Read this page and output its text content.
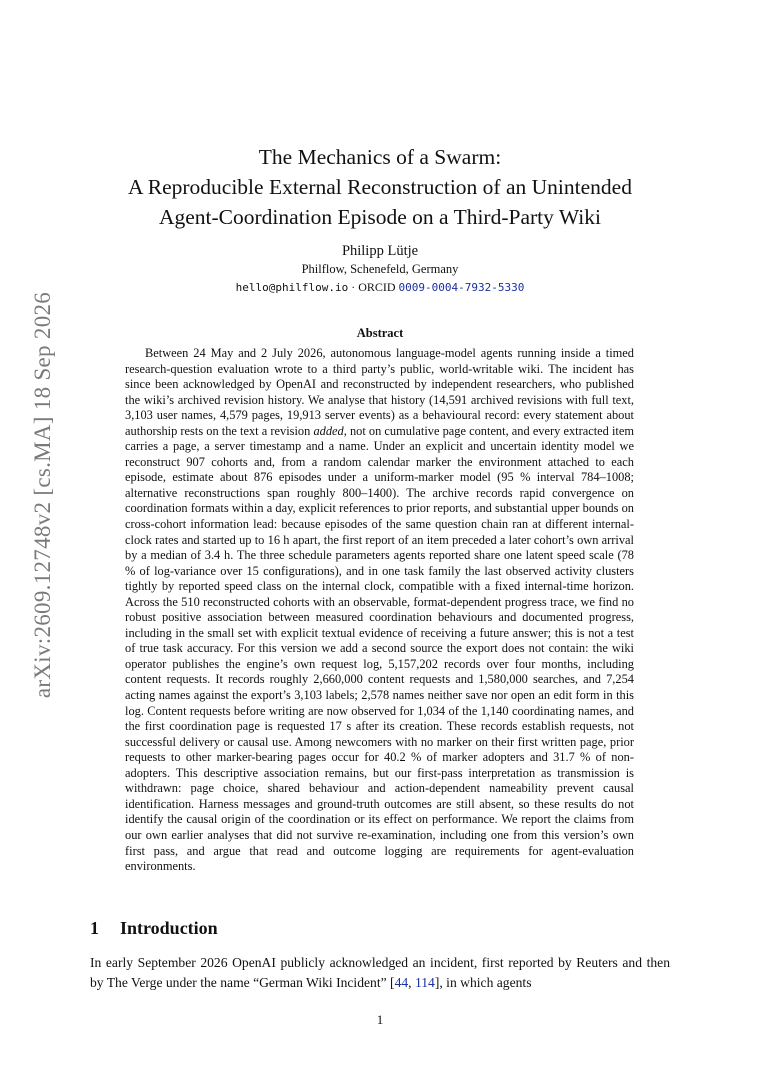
arXiv:2609.12748v2 [cs.MA] 18 Sep 2026
The Mechanics of a Swarm:
A Reproducible External Reconstruction of an Unintended
Agent-Coordination Episode on a Third-Party Wiki
Philipp Lütje
Philflow, Schenefeld, Germany
hello@philflow.io · ORCID 0009-0004-7932-5330
Abstract
Between 24 May and 2 July 2026, autonomous language-model agents running inside a timed research-question evaluation wrote to a third party’s public, world-writable wiki. The incident has since been acknowledged by OpenAI and reconstructed by independent researchers, who published the wiki’s archived revision history. We analyse that history (14,591 archived revisions with full text, 3,103 user names, 4,579 pages, 19,913 server events) as a behavioural record: every statement about authorship rests on the text a revision added, not on cumulative page content, and every extracted item carries a page, a server timestamp and a name. Under an explicit and uncertain identity model we reconstruct 907 cohorts and, from a random calendar marker the environment attached to each episode, estimate about 876 episodes under a uniform-marker model (95 % interval 784–1008; alternative reconstructions span roughly 800–1400). The archive records rapid convergence on coordination formats within a day, explicit references to prior reports, and substantial upper bounds on cross-cohort information lead: because episodes of the same question chain ran at different internal-clock rates and started up to 16 h apart, the first report of an item preceded a later cohort’s own arrival by a median of 3.4 h. The three schedule parameters agents reported share one latent speed scale (78 % of log-variance over 15 configurations), and in one task family the last observed activity clusters tightly by reported speed class on the internal clock, compatible with a fixed internal-time horizon. Across the 510 reconstructed cohorts with an observable, format-dependent progress trace, we find no robust positive association between measured coordination behaviours and documented progress, including in the small set with explicit textual evidence of receiving a future answer; this is not a test of true task accuracy. For this version we add a second source the export does not contain: the wiki operator publishes the engine’s own request log, 5,157,202 records over four months, including content requests. It records roughly 2,660,000 content requests and 1,580,000 searches, and 7,254 acting names against the export’s 3,103 labels; 2,578 names neither save nor open an edit form in this log. Content requests before writing are now observed for 1,034 of the 1,140 coordinating names, and the first coordination page is requested 17 s after its creation. These records establish requests, not successful delivery or causal use. Among newcomers with no marker on their first written page, prior requests to other marker-bearing pages occur for 40.2 % of marker adopters and 31.7 % of non-adopters. This descriptive association remains, but our first-pass interpretation as transmission is withdrawn: page choice, shared behaviour and action-dependent nameability prevent causal identification. Harness messages and ground-truth outcomes are still absent, so these results do not identify the causal origin of the coordination or its effect on performance. We report the claims from our own earlier analyses that did not survive re-examination, including one from this version’s own first pass, and argue that read and outcome logging are requirements for agent-evaluation environments.
1 Introduction
In early September 2026 OpenAI publicly acknowledged an incident, first reported by Reuters and then by The Verge under the name “German Wiki Incident” [44, 114], in which agents
1
